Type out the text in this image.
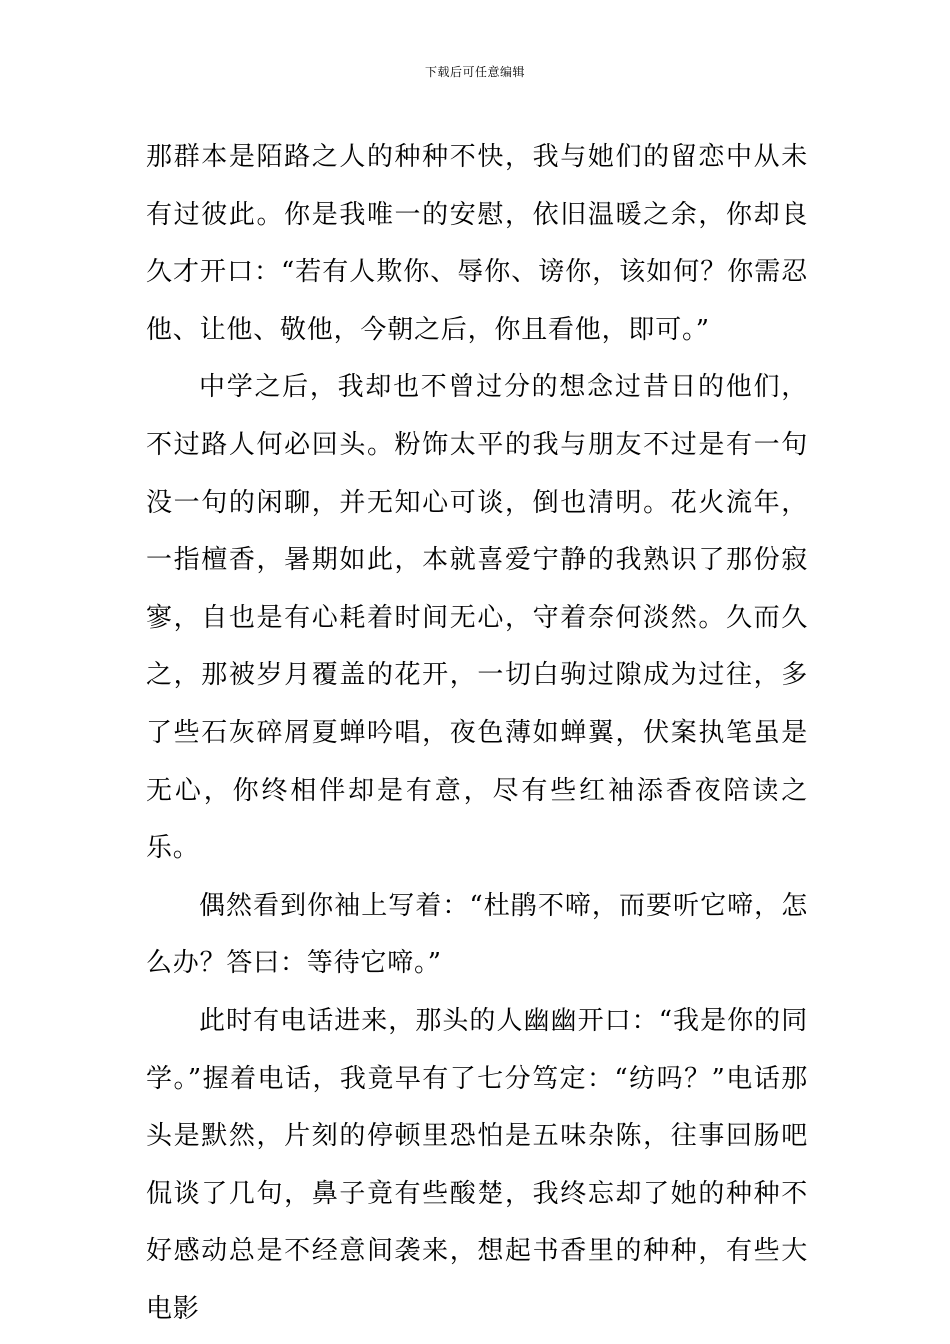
下载后可任意编辑

那群本是陌路之人的种种不快，我与她们的留恋中从未有过彼此。你是我唯一的安慰，依旧温暖之余，你却良久才开口：“若有人欺你、辱你、谤你，该如何？你需忍他、让他、敬他，今朝之后，你且看他，即可。”

中学之后，我却也不曾过分的想念过昔日的他们，不过路人何必回头。粉饰太平的我与朋友不过是有一句没一句的闲聊，并无知心可谈，倒也清明。花火流年，一指檀香，暑期如此，本就喜爱宁静的我熟识了那份寂寥，自也是有心耗着时间无心，守着奈何淡然。久而久之，那被岁月覆盖的花开，一切白驹过隙成为过往，多了些石灰碎屑夏蝉吟唱，夜色薄如蝉翼，伏案执笔虽是无心，你终相伴却是有意，尽有些红袖添香夜陪读之乐。

偶然看到你袖上写着：“杜鹃不啼，而要听它啼，怎么办？答曰：等待它啼。”

此时有电话进来，那头的人幽幽开口：“我是你的同学。”握着电话，我竟早有了七分笃定：“纺吗？”电话那头是默然，片刻的停顿里恐怕是五味杂陈，往事回肠吧侃谈了几句，鼻子竟有些酸楚，我终忘却了她的种种不好感动总是不经意间袭来，想起书香里的种种，有些大电影
